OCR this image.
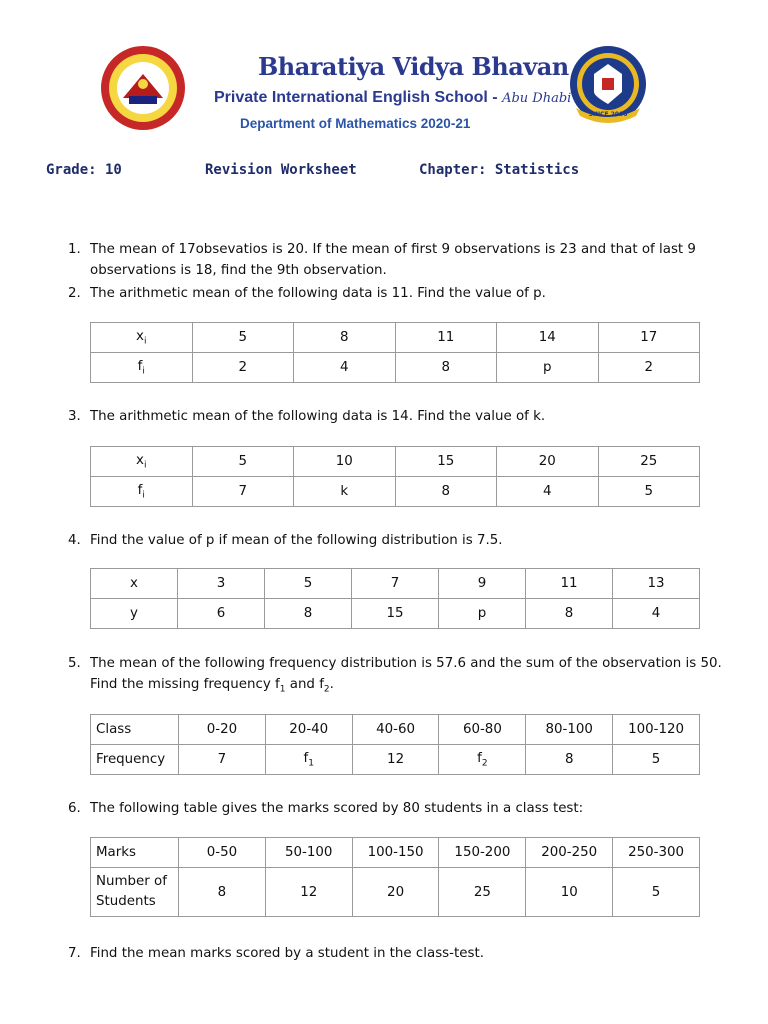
Bharatiya Vidya Bhavan
Private International English School - Abu Dhabi
Department of Mathematics 2020-21
SINCE 2006
Grade: 10	Revision Worksheet	Chapter: Statistics
1. The mean of 17obsevatios is 20. If the mean of first 9 observations is 23 and that of last 9 observations is 18, find the 9th observation.
2. The arithmetic mean of the following data is 11. Find the value of p.
$x_i$	5	8	11	14	17
$f_i$	2	4	8	p	2
3. The arithmetic mean of the following data is 14. Find the value of k.
$x_i$	5	10	15	20	25
$f_i$	7	k	8	4	5
4. Find the value of p if mean of the following distribution is 7.5.
x	3	5	7	9	11	13
y	6	8	15	p	8	4
5. The mean of the following frequency distribution is 57.6 and the sum of the observation is 50. Find the missing frequency $f_1$ and $f_2$.
Class	0-20	20-40	40-60	60-80	80-100	100-120
Frequency	7	$f_1$	12	$f_2$	8	5
6. The following table gives the marks scored by 80 students in a class test:
Marks	0-50	50-100	100-150	150-200	200-250	250-300
Number of Students	8	12	20	25	10	5
7. Find the mean marks scored by a student in the class-test.
